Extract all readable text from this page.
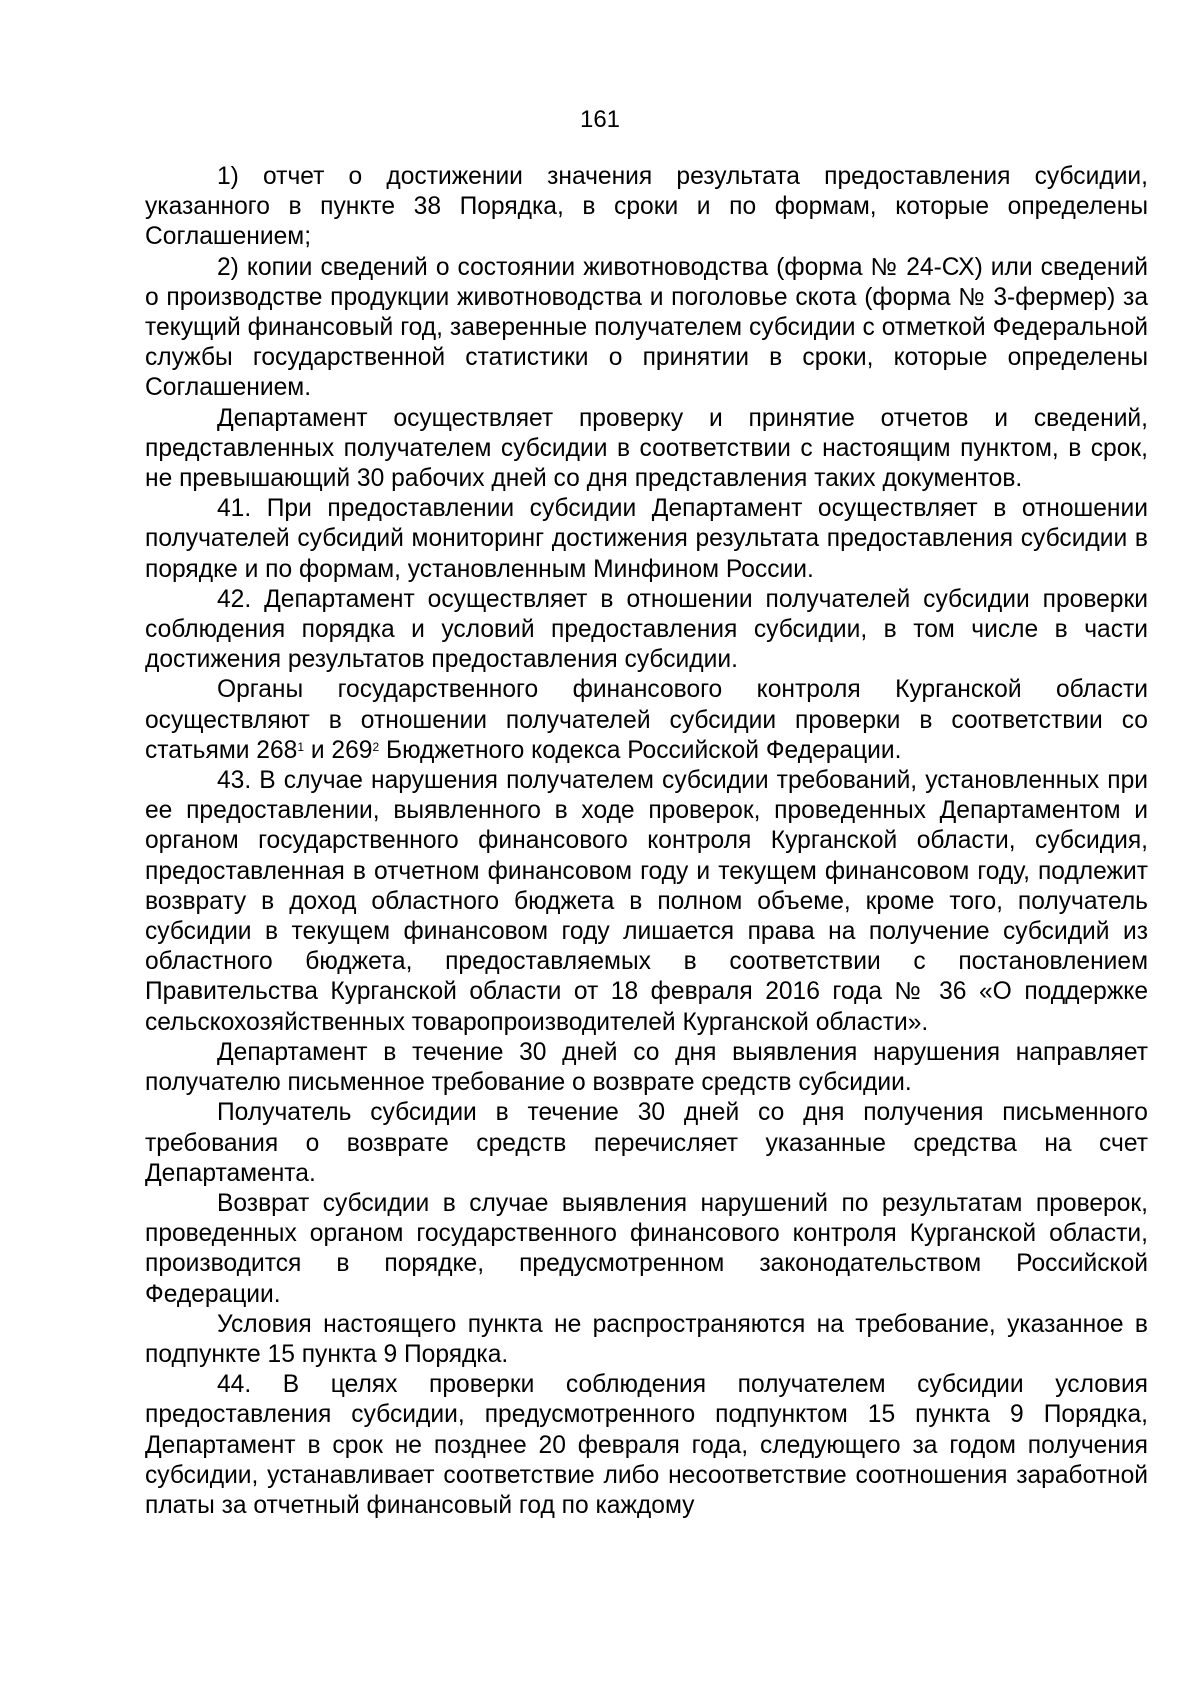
161

1) отчет о достижении значения результата предоставления субсидии, указанного в пункте 38 Порядка, в сроки и по формам, которые определены Соглашением;

2) копии сведений о состоянии животноводства (форма № 24-СХ) или сведений о производстве продукции животноводства и поголовье скота (форма № 3-фермер) за текущий финансовый год, заверенные получателем субсидии с отметкой Федеральной службы государственной статистики о принятии в сроки, которые определены Соглашением.

Департамент осуществляет проверку и принятие отчетов и сведений, представленных получателем субсидии в соответствии с настоящим пунктом, в срок, не превышающий 30 рабочих дней со дня представления таких документов.

41. При предоставлении субсидии Департамент осуществляет в отношении получателей субсидий мониторинг достижения результата предоставления субсидии в порядке и по формам, установленным Минфином России.

42. Департамент осуществляет в отношении получателей субсидии проверки соблюдения порядка и условий предоставления субсидии, в том числе в части достижения результатов предоставления субсидии.

Органы государственного финансового контроля Курганской области осуществляют в отношении получателей субсидии проверки в соответствии со статьями $268^1$ и $269^2$ Бюджетного кодекса Российской Федерации.

43. В случае нарушения получателем субсидии требований, установленных при ее предоставлении, выявленного в ходе проверок, проведенных Департаментом и органом государственного финансового контроля Курганской области, субсидия, предоставленная в отчетном финансовом году и текущем финансовом году, подлежит возврату в доход областного бюджета в полном объеме, кроме того, получатель субсидии в текущем финансовом году лишается права на получение субсидий из областного бюджета, предоставляемых в соответствии с постановлением Правительства Курганской области от 18 февраля 2016 года № 36 «О поддержке сельскохозяйственных товаропроизводителей Курганской области».

Департамент в течение 30 дней со дня выявления нарушения направляет получателю письменное требование о возврате средств субсидии.

Получатель субсидии в течение 30 дней со дня получения письменного требования о возврате средств перечисляет указанные средства на счет Департамента.

Возврат субсидии в случае выявления нарушений по результатам проверок, проведенных органом государственного финансового контроля Курганской области, производится в порядке, предусмотренном законодательством Российской Федерации.

Условия настоящего пункта не распространяются на требование, указанное в подпункте 15 пункта 9 Порядка.

44. В целях проверки соблюдения получателем субсидии условия предоставления субсидии, предусмотренного подпунктом 15 пункта 9 Порядка, Департамент в срок не позднее 20 февраля года, следующего за годом получения субсидии, устанавливает соответствие либо несоответствие соотношения заработной платы за отчетный финансовый год по каждому
